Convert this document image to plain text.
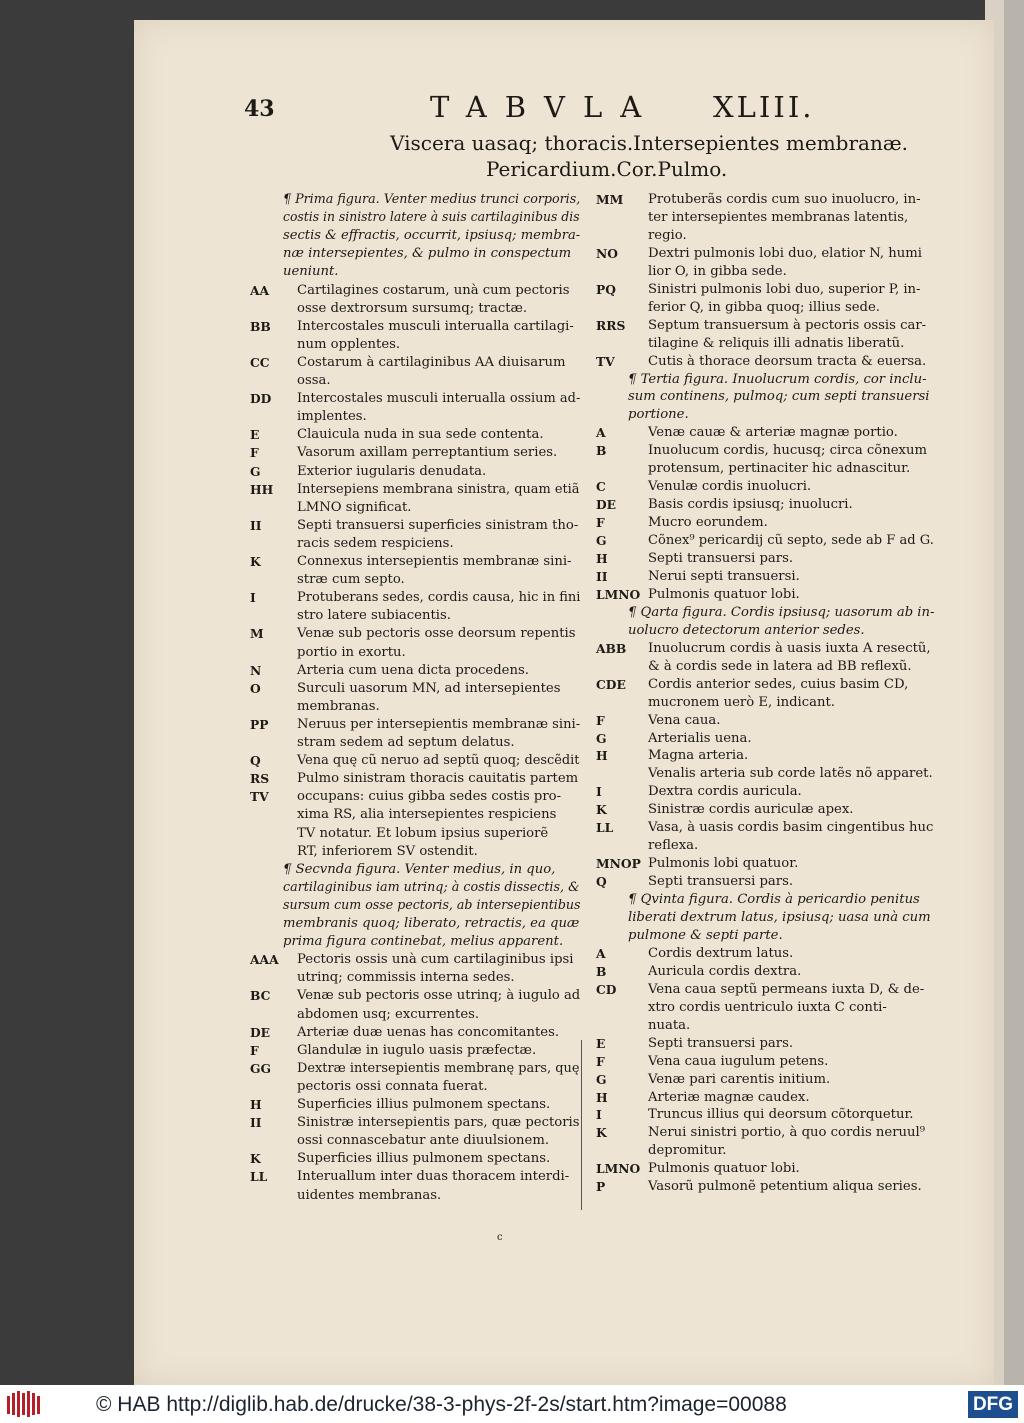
43	TABVLA XLIII.
Viscera uasaq; thoracis.Intersepientes membranæ.
Pericardium.Cor.Pulmo.
¶ Prima figura. Venter medius trunci corporis,
costis in sinistro latere à suis cartilaginibus dis
sectis & effractis, occurrit, ipsiusq; membra-
næ intersepientes, & pulmo in conspectum
ueniunt.
AA Cartilagines costarum, unà cum pectoris
osse dextrorsum sursumq; tractæ.
BB Intercostales musculi interualla cartilagi-
num opplentes.
CC Costarum à cartilaginibus AA diuisarum
ossa.
DD Intercostales musculi interualla ossium ad-
implentes.
E	Clauicula nuda in sua sede contenta.
F	Vasorum axillam perreptantium series.
G	Exterior iugularis denudata.
HH Intersepiens membrana sinistra, quam etiã
LMNO significat.
II	Septi transuersi superficies sinistram tho-
racis sedem respiciens.
K	Connexus intersepientis membranæ sini-
stræ cum septo.
I	Protuberans sedes, cordis causa, hic in fini
stro latere subiacentis.
M	Venæ sub pectoris osse deorsum repentis
portio in exortu.
N	Arteria cum uena dicta procedens.
O	Surculi uasorum MN, ad intersepientes
membranas.
PP Neruus per intersepientis membranæ sini-
stram sedem ad septum delatus.
Q	Vena quę cũ neruo ad septũ quoq; descẽdit
RS Pulmo sinistram thoracis cauitatis partem
TV occupans: cuius gibba sedes costis pro-
xima RS, alia intersepientes respiciens
TV notatur. Et lobum ipsius superiorẽ
RT, inferiorem SV ostendit.
¶ Secvnda figura. Venter medius, in quo,
cartilaginibus iam utrinq; à costis dissectis, &
sursum cum osse pectoris, ab intersepientibus
membranis quoq; liberato, retractis, ea quæ
prima figura continebat, melius apparent.
AAA Pectoris ossis unà cum cartilaginibus ipsi
utrinq; commissis interna sedes.
BC Venæ sub pectoris osse utrinq; à iugulo ad
abdomen usq; excurrentes.
DE Arteriæ duæ uenas has concomitantes.
F	Glandulæ in iugulo uasis præfectæ.
GG Dextræ intersepientis membranę pars, quę
pectoris ossi connata fuerat.
H	Superficies illius pulmonem spectans.
II	Sinistræ intersepientis pars, quæ pectoris
ossi connascebatur ante diuulsionem.
K	Superficies illius pulmonem spectans.
LL Interuallum inter duas thoracem interdi-
uidentes membranas.
MM Protuberãs cordis cum suo inuolucro, in-
ter intersepientes membranas latentis,
regio.
NO Dextri pulmonis lobi duo, elatior N, humi
lior O, in gibba sede.
PQ Sinistri pulmonis lobi duo, superior P, in-
ferior Q, in gibba quoq; illius sede.
RRS Septum transuersum à pectoris ossis car-
tilagine & reliquis illi adnatis liberatũ.
TV	Cutis à thorace deorsum tracta & euersa.
¶ Tertia figura. Inuolucrum cordis, cor inclu-
sum continens, pulmoq; cum septi transuersi
portione.
A	Venæ cauæ & arteriæ magnæ portio.
B	Inuolucum cordis, hucusq; circa cõnexum
protensum, pertinaciter hic adnascitur.
C	Venulæ cordis inuolucri.
DE Basis cordis ipsiusq; inuolucri.
F	Mucro eorundem.
G	Cõnex⁹ pericardij cũ septo, sede ab F ad G.
H	Septi transuersi pars.
II	Nerui septi transuersi.
LMNO Pulmonis quatuor lobi.
¶ Qarta figura. Cordis ipsiusq; uasorum ab in-
uolucro detectorum anterior sedes.
ABB Inuolucrum cordis à uasis iuxta A resectũ,
& à cordis sede in latera ad BB reflexũ.
CDE Cordis anterior sedes, cuius basim CD,
mucronem uerò E, indicant.
F	Vena caua.
G	Arterialis uena.
H	Magna arteria.
Venalis arteria sub corde latẽs nõ apparet.
I	Dextra cordis auricula.
K	Sinistræ cordis auriculæ apex.
LL	Vasa, à uasis cordis basim cingentibus huc
reflexa.
MNOP Pulmonis lobi quatuor.
Q	Septi transuersi pars.
¶ Qvinta figura. Cordis à pericardio penitus
liberati dextrum latus, ipsiusq; uasa unà cum
pulmone & septi parte.
A	Cordis dextrum latus.
B	Auricula cordis dextra.
CD Vena caua septũ permeans iuxta D, & de-
xtro cordis uentriculo iuxta C conti-
nuata.
E	Septi transuersi pars.
F	Vena caua iugulum petens.
G	Venæ pari carentis initium.
H	Arteriæ magnæ caudex.
I	Truncus illius qui deorsum cõtorquetur.
K	Nerui sinistri portio, à quo cordis neruul⁹
depromitur.
LMNO Pulmonis quatuor lobi.
P	Vasorũ pulmonẽ petentium aliqua series.
c
© HAB http://diglib.hab.de/drucke/38-3-phys-2f-2s/start.htm?image=00088	DFG
